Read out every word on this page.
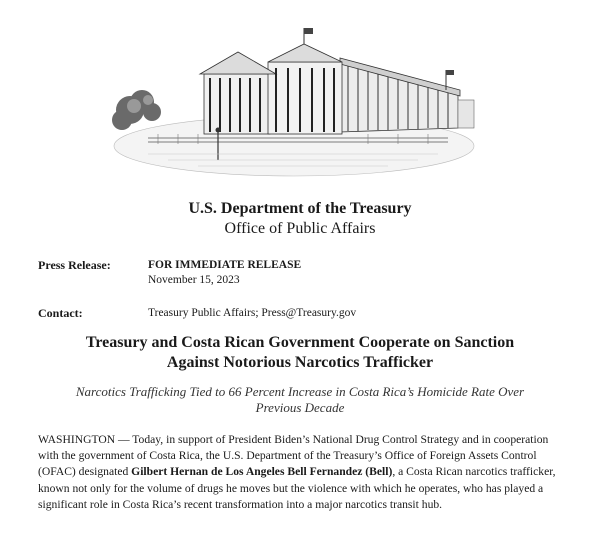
U.S. Department of the Treasury
Office of Public Affairs
Press Release:	FOR IMMEDIATE RELEASE
November 15, 2023
Contact:	Treasury Public Affairs; Press@Treasury.gov
Treasury and Costa Rican Government Cooperate on Sanction
Against Notorious Narcotics Trafficker
Narcotics Trafficking Tied to 66 Percent Increase in Costa Rica’s Homicide Rate Over
Previous Decade
WASHINGTON — Today, in support of President Biden’s National Drug Control Strategy and in cooperation with the government of Costa Rica, the U.S. Department of the Treasury’s Office of Foreign Assets Control (OFAC) designated Gilbert Hernan de Los Angeles Bell Fernandez (Bell), a Costa Rican narcotics trafficker, known not only for the volume of drugs he moves but the violence with which he operates, who has played a significant role in Costa Rica’s recent transformation into a major narcotics transit hub.
